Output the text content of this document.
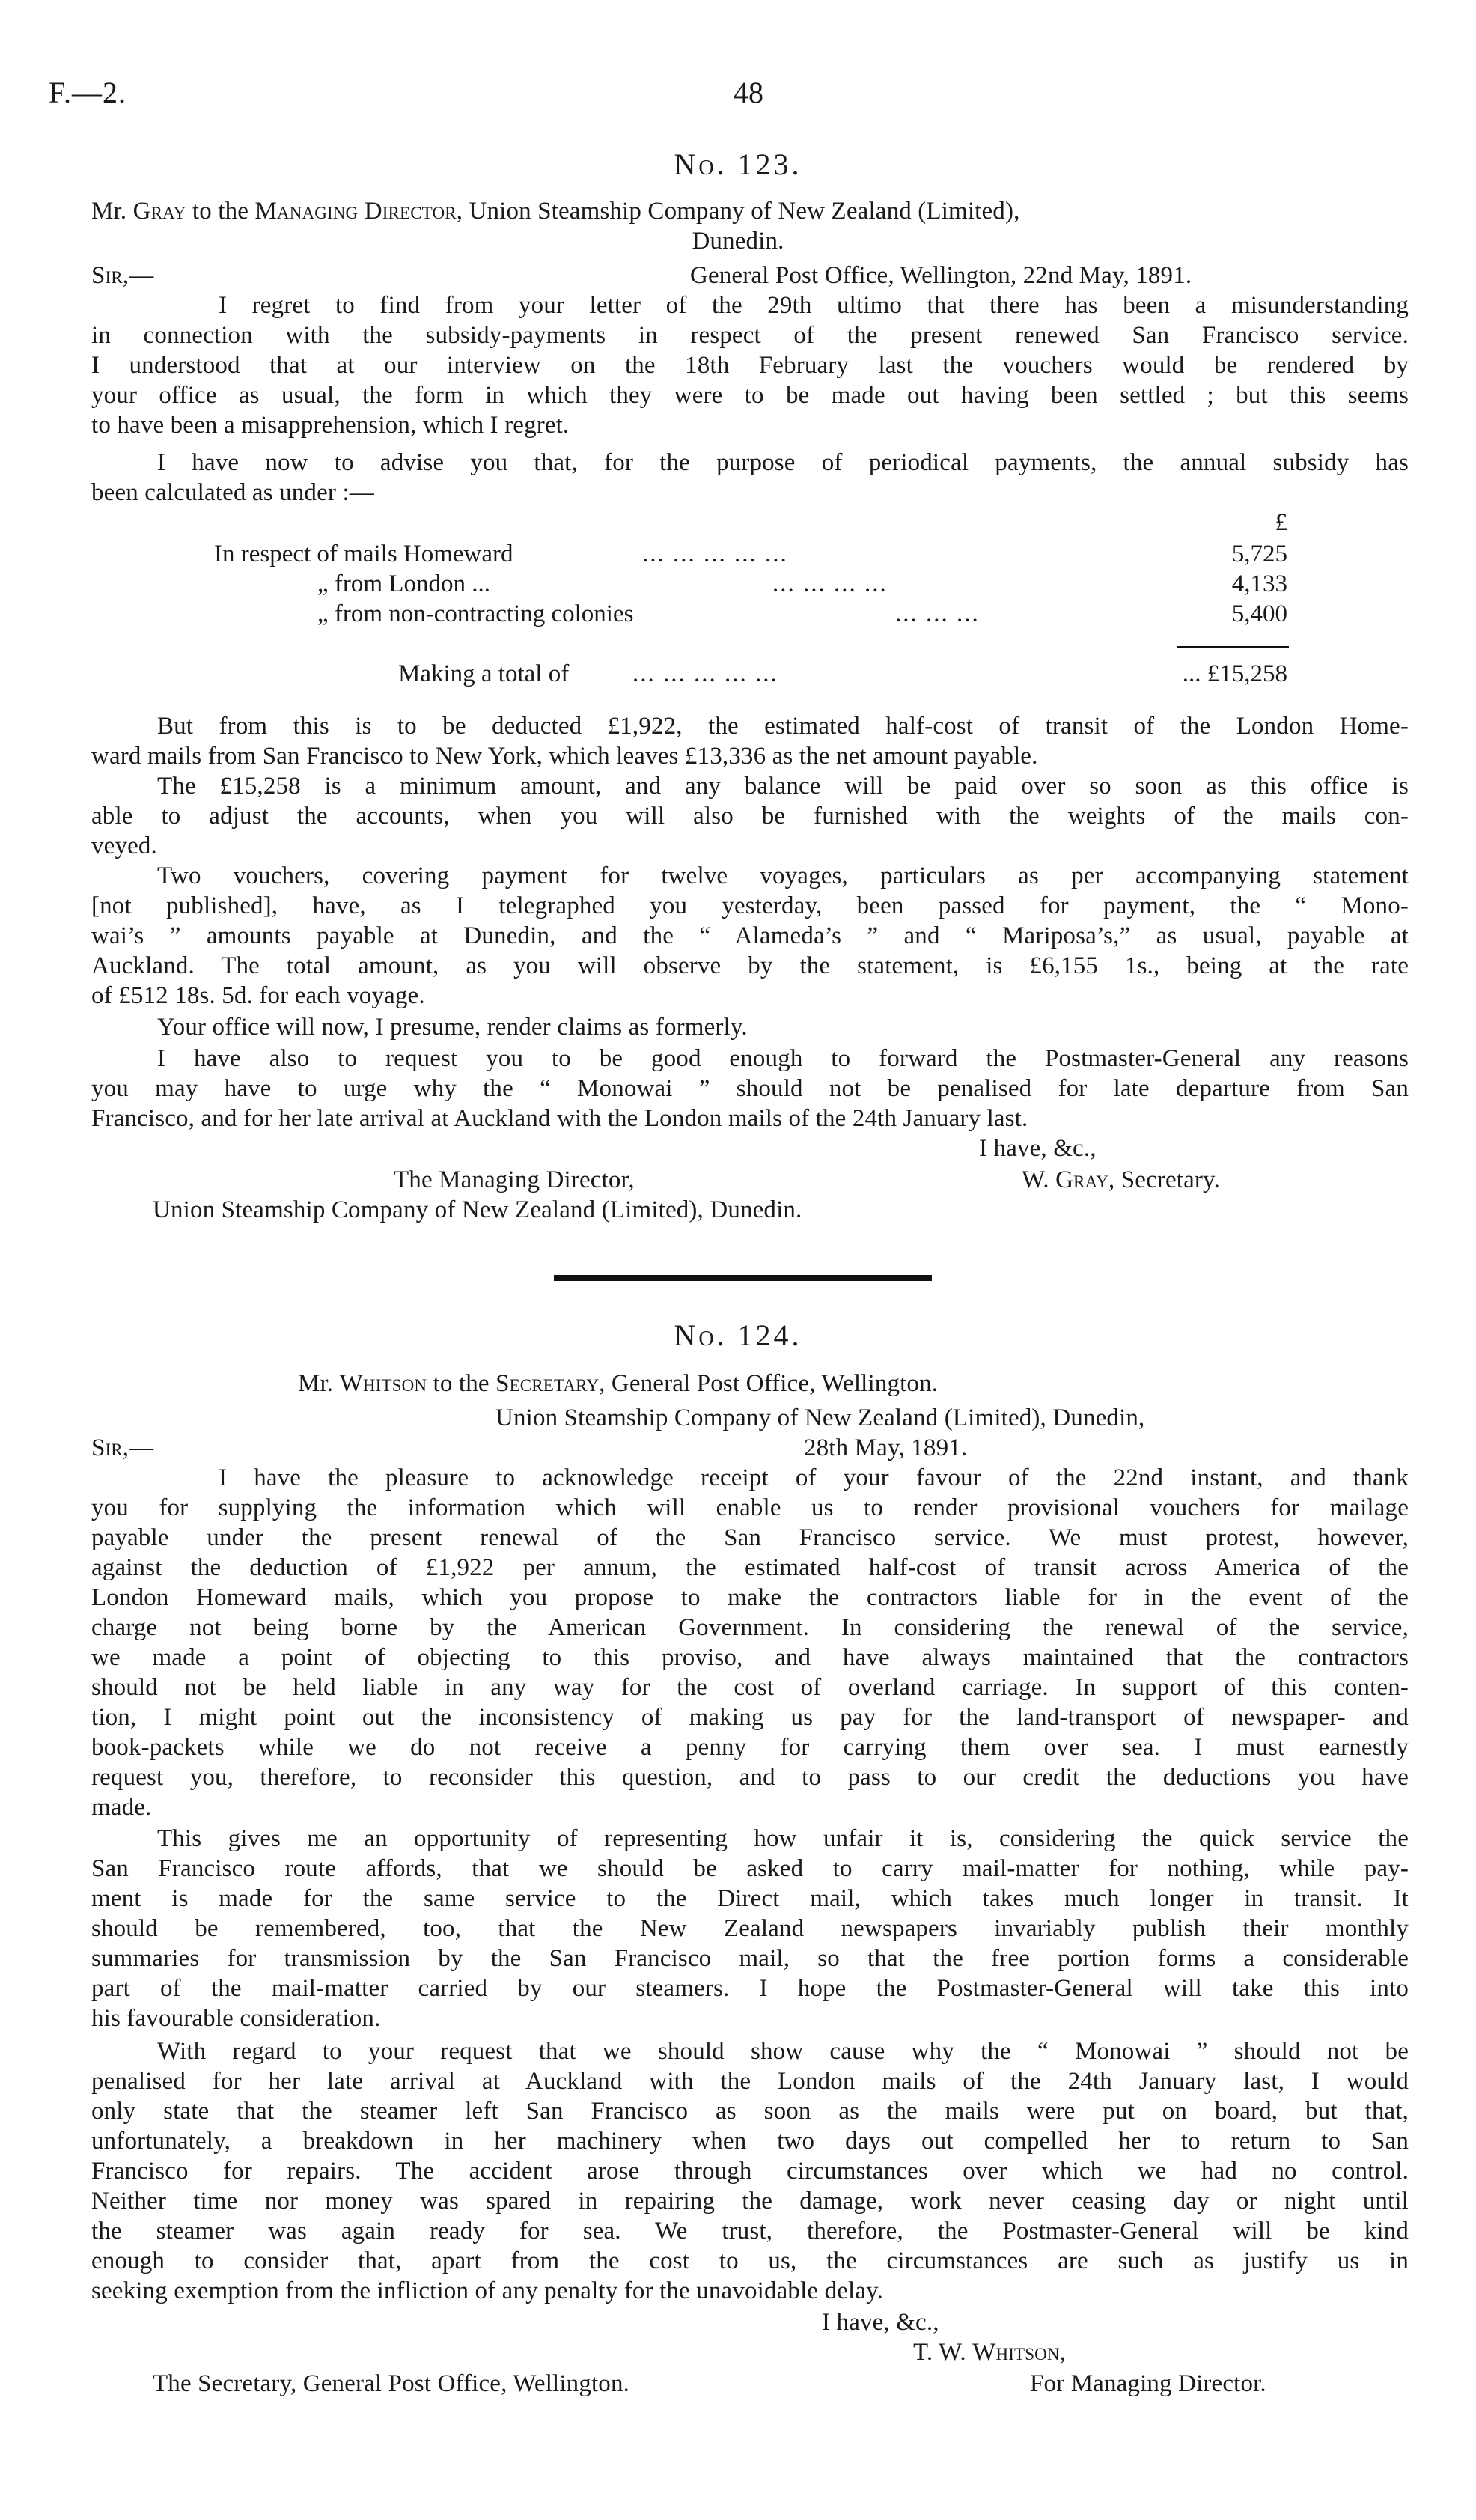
F.—2.	48
No. 123.
Mr. Gray to the Managing Director, Union Steamship Company of New Zealand (Limited),
Dunedin.
Sir,—	General Post Office, Wellington, 22nd May, 1891.
I regret to find from your letter of the 29th ultimo that there has been a misunderstanding
in connection with the subsidy-payments in respect of the present renewed San Francisco service.
I understood that at our interview on the 18th February last the vouchers would be rendered by
your office as usual, the form in which they were to be made out having been settled ; but this seems
to have been a misapprehension, which I regret.
I have now to advise you that, for the purpose of periodical payments, the annual subsidy has
been calculated as under :—
£
In respect of mails Homeward	... ... ... ... ...	5,725
„ from London ...	... ... ... ...	4,133
„ from non-contracting colonies	... ... ...	5,400
Making a total of	... ... ... ... ...	... £15,258
But from this is to be deducted £1,922, the estimated half-cost of transit of the London Home-
ward mails from San Francisco to New York, which leaves £13,336 as the net amount payable.
The £15,258 is a minimum amount, and any balance will be paid over so soon as this office is
able to adjust the accounts, when you will also be furnished with the weights of the mails con-
veyed.
Two vouchers, covering payment for twelve voyages, particulars as per accompanying statement
[not published], have, as I telegraphed you yesterday, been passed for payment, the “ Mono-
wai’s ” amounts payable at Dunedin, and the “ Alameda’s ” and “ Mariposa’s,” as usual, payable at
Auckland. The total amount, as you will observe by the statement, is £6,155 1s., being at the rate
of £512 18s. 5d. for each voyage.
Your office will now, I presume, render claims as formerly.
I have also to request you to be good enough to forward the Postmaster-General any reasons
you may have to urge why the “ Monowai ” should not be penalised for late departure from San
Francisco, and for her late arrival at Auckland with the London mails of the 24th January last.
I have, &c.,
The Managing Director,	W. Gray, Secretary.
Union Steamship Company of New Zealand (Limited), Dunedin.
No. 124.
Mr. Whitson to the Secretary, General Post Office, Wellington.
Union Steamship Company of New Zealand (Limited), Dunedin,
Sir,—	28th May, 1891.
I have the pleasure to acknowledge receipt of your favour of the 22nd instant, and thank
you for supplying the information which will enable us to render provisional vouchers for mailage
payable under the present renewal of the San Francisco service. We must protest, however,
against the deduction of £1,922 per annum, the estimated half-cost of transit across America of the
London Homeward mails, which you propose to make the contractors liable for in the event of the
charge not being borne by the American Government. In considering the renewal of the service,
we made a point of objecting to this proviso, and have always maintained that the contractors
should not be held liable in any way for the cost of overland carriage. In support of this conten-
tion, I might point out the inconsistency of making us pay for the land-transport of newspaper- and
book-packets while we do not receive a penny for carrying them over sea. I must earnestly
request you, therefore, to reconsider this question, and to pass to our credit the deductions you have
made.
This gives me an opportunity of representing how unfair it is, considering the quick service the
San Francisco route affords, that we should be asked to carry mail-matter for nothing, while pay-
ment is made for the same service to the Direct mail, which takes much longer in transit. It
should be remembered, too, that the New Zealand newspapers invariably publish their monthly
summaries for transmission by the San Francisco mail, so that the free portion forms a considerable
part of the mail-matter carried by our steamers. I hope the Postmaster-General will take this into
his favourable consideration.
With regard to your request that we should show cause why the “ Monowai ” should not be
penalised for her late arrival at Auckland with the London mails of the 24th January last, I would
only state that the steamer left San Francisco as soon as the mails were put on board, but that,
unfortunately, a breakdown in her machinery when two days out compelled her to return to San
Francisco for repairs. The accident arose through circumstances over which we had no control.
Neither time nor money was spared in repairing the damage, work never ceasing day or night until
the steamer was again ready for sea. We trust, therefore, the Postmaster-General will be kind
enough to consider that, apart from the cost to us, the circumstances are such as justify us in
seeking exemption from the infliction of any penalty for the unavoidable delay.
I have, &c.,
T. W. Whitson,
The Secretary, General Post Office, Wellington.	For Managing Director.
